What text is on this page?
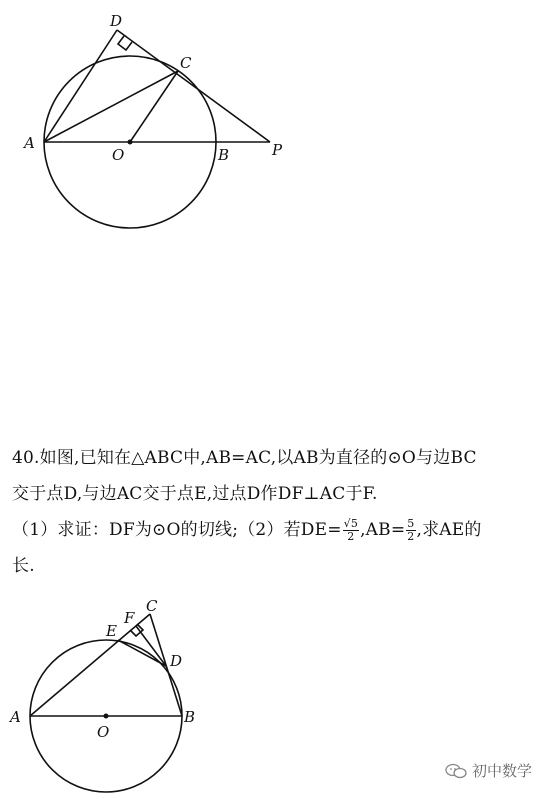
D
C
A
O	B	P

40.如图,已知在△ABC中,AB=AC,以AB为直径的⊙O与边BC

交于点D,与边AC交于点E,过点D作DF⊥AC于F.

（1）求证：DF为⊙O的切线;（2）若$DE= \frac{√5}{2} ,AB= \frac{5}{2}$ ,求AE的

长.

C
F
E
D
A
O
B
初中数学
